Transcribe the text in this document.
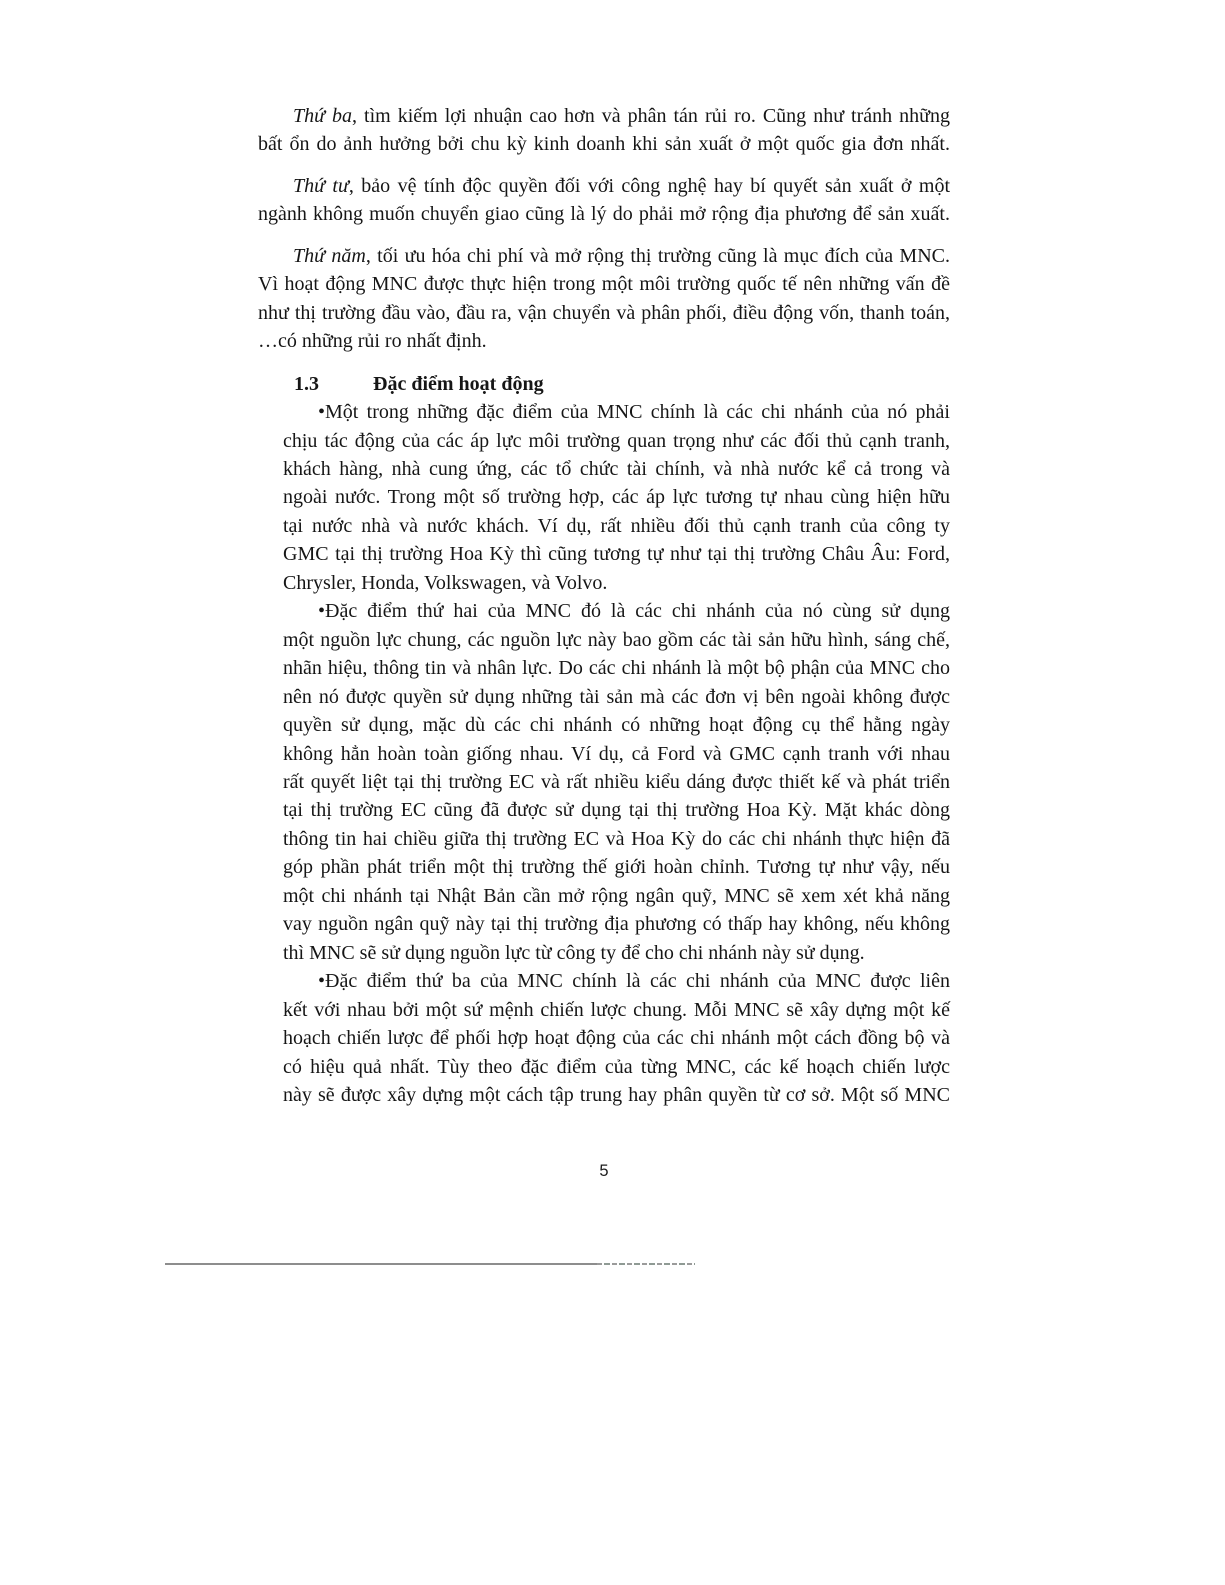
Thứ ba, tìm kiếm lợi nhuận cao hơn và phân tán rủi ro. Cũng như tránh những
bất ổn do ảnh hưởng bởi chu kỳ kinh doanh khi sản xuất ở một quốc gia đơn nhất.
Thứ tư, bảo vệ tính độc quyền đối với công nghệ hay bí quyết sản xuất ở một
ngành không muốn chuyển giao cũng là lý do phải mở rộng địa phương để sản xuất.
Thứ năm, tối ưu hóa chi phí và mở rộng thị trường cũng là mục đích của MNC.
Vì hoạt động MNC được thực hiện trong một môi trường quốc tế nên những vấn đề
như thị trường đầu vào, đầu ra, vận chuyển và phân phối, điều động vốn, thanh toán,
…có những rủi ro nhất định.
1.3	Đặc điểm hoạt động
•Một trong những đặc điểm của MNC chính là các chi nhánh của nó phải
chịu tác động của các áp lực môi trường quan trọng như các đối thủ cạnh tranh,
khách hàng, nhà cung ứng, các tổ chức tài chính, và nhà nước kể cả trong và
ngoài nước. Trong một số trường hợp, các áp lực tương tự nhau cùng hiện hữu
tại nước nhà và nước khách. Ví dụ, rất nhiều đối thủ cạnh tranh của công ty
GMC tại thị trường Hoa Kỳ thì cũng tương tự như tại thị trường Châu Âu: Ford,
Chrysler, Honda, Volkswagen, và Volvo.
•Đặc điểm thứ hai của MNC đó là các chi nhánh của nó cùng sử dụng
một nguồn lực chung, các nguồn lực này bao gồm các tài sản hữu hình, sáng chế,
nhãn hiệu, thông tin và nhân lực. Do các chi nhánh là một bộ phận của MNC cho
nên nó được quyền sử dụng những tài sản mà các đơn vị bên ngoài không được
quyền sử dụng, mặc dù các chi nhánh có những hoạt động cụ thể hằng ngày
không hẳn hoàn toàn giống nhau. Ví dụ, cả Ford và GMC cạnh tranh với nhau
rất quyết liệt tại thị trường EC và rất nhiều kiểu dáng được thiết kế và phát triển
tại thị trường EC cũng đã được sử dụng tại thị trường Hoa Kỳ. Mặt khác dòng
thông tin hai chiều giữa thị trường EC và Hoa Kỳ do các chi nhánh thực hiện đã
góp phần phát triển một thị trường thế giới hoàn chỉnh. Tương tự như vậy, nếu
một chi nhánh tại Nhật Bản cần mở rộng ngân quỹ, MNC sẽ xem xét khả năng
vay nguồn ngân quỹ này tại thị trường địa phương có thấp hay không, nếu không
thì MNC sẽ sử dụng nguồn lực từ công ty để cho chi nhánh này sử dụng.
•Đặc điểm thứ ba của MNC chính là các chi nhánh của MNC được liên
kết với nhau bởi một sứ mệnh chiến lược chung. Mỗi MNC sẽ xây dựng một kế
hoạch chiến lược để phối hợp hoạt động của các chi nhánh một cách đồng bộ và
có hiệu quả nhất. Tùy theo đặc điểm của từng MNC, các kế hoạch chiến lược
này sẽ được xây dựng một cách tập trung hay phân quyền từ cơ sở. Một số MNC
5
